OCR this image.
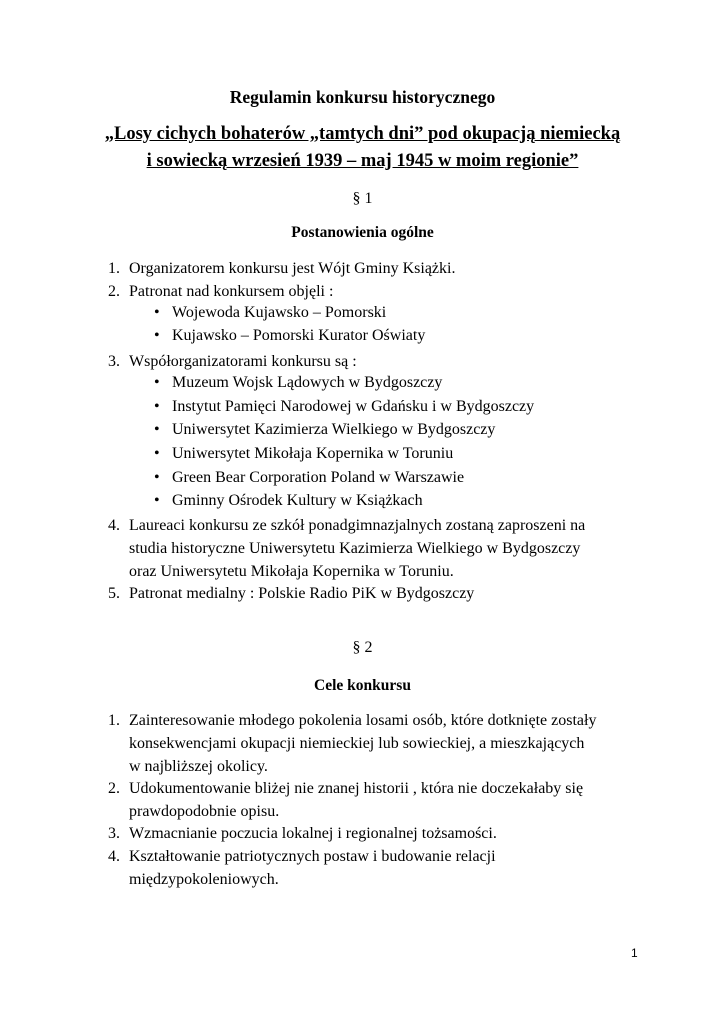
Regulamin konkursu historycznego
„Losy cichych bohaterów „tamtych dni” pod okupacją niemiecką
i sowiecką wrzesień 1939 – maj 1945 w moim regionie”
§ 1
Postanowienia ogólne
1. Organizatorem konkursu jest Wójt Gminy Książki.
2. Patronat nad konkursem objęli :
• Wojewoda Kujawsko – Pomorski
• Kujawsko – Pomorski Kurator Oświaty
3. Współorganizatorami konkursu są :
• Muzeum Wojsk Lądowych w Bydgoszczy
• Instytut Pamięci Narodowej w Gdańsku i w Bydgoszczy
• Uniwersytet Kazimierza Wielkiego w Bydgoszczy
• Uniwersytet Mikołaja Kopernika w Toruniu
• Green Bear Corporation Poland w Warszawie
• Gminny Ośrodek Kultury w Książkach
4. Laureaci konkursu ze szkół ponadgimnazjalnych zostaną zaproszeni na
studia historyczne Uniwersytetu Kazimierza Wielkiego w Bydgoszczy
oraz Uniwersytetu Mikołaja Kopernika w Toruniu.
5. Patronat medialny : Polskie Radio PiK w Bydgoszczy
§ 2
Cele konkursu
1. Zainteresowanie młodego pokolenia losami osób, które dotknięte zostały
konsekwencjami okupacji niemieckiej lub sowieckiej, a mieszkających
w najbliższej okolicy.
2. Udokumentowanie bliżej nie znanej historii , która nie doczekałaby się
prawdopodobnie opisu.
3. Wzmacnianie poczucia lokalnej i regionalnej tożsamości.
4. Kształtowanie patriotycznych postaw i budowanie relacji
międzypokoleniowych.
1
